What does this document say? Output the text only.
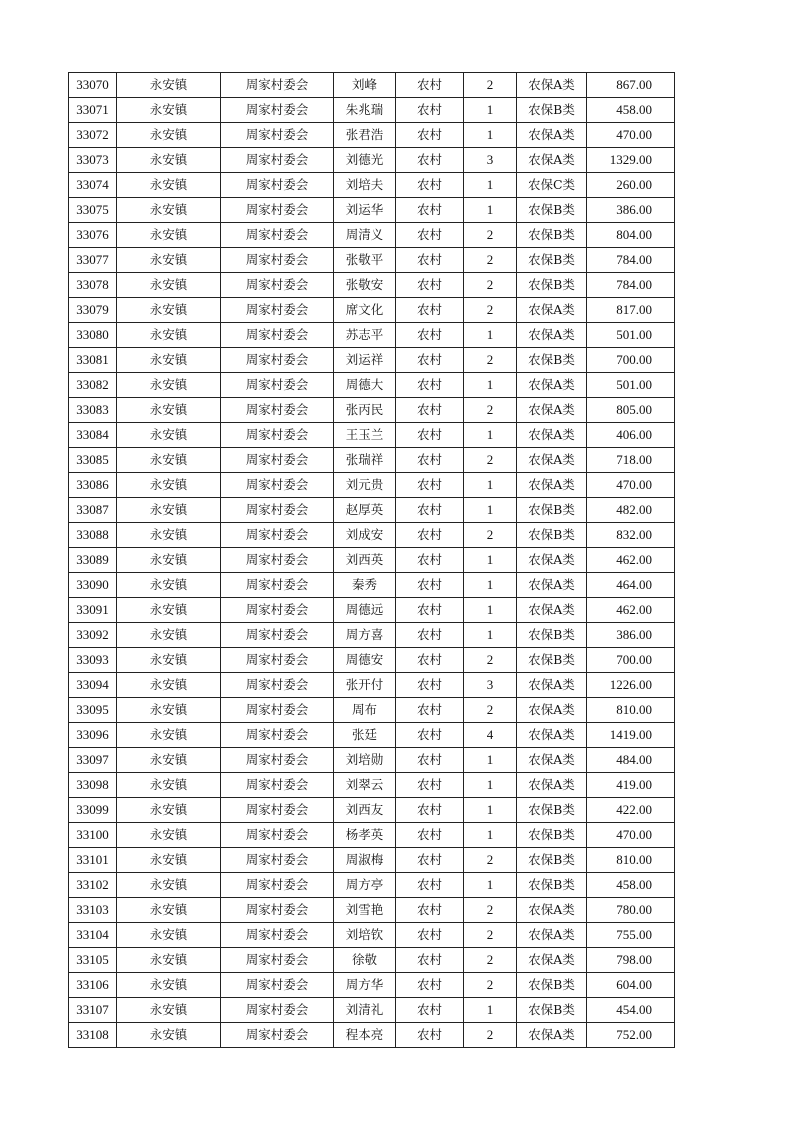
33070	永安镇	周家村委会	刘峰	农村	2	农保A类	867.00
33071	永安镇	周家村委会	朱兆瑞	农村	1	农保B类	458.00
33072	永安镇	周家村委会	张君浩	农村	1	农保A类	470.00
33073	永安镇	周家村委会	刘德光	农村	3	农保A类	1329.00
33074	永安镇	周家村委会	刘培夫	农村	1	农保C类	260.00
33075	永安镇	周家村委会	刘运华	农村	1	农保B类	386.00
33076	永安镇	周家村委会	周清义	农村	2	农保B类	804.00
33077	永安镇	周家村委会	张敬平	农村	2	农保B类	784.00
33078	永安镇	周家村委会	张敬安	农村	2	农保B类	784.00
33079	永安镇	周家村委会	席文化	农村	2	农保A类	817.00
33080	永安镇	周家村委会	苏志平	农村	1	农保A类	501.00
33081	永安镇	周家村委会	刘运祥	农村	2	农保B类	700.00
33082	永安镇	周家村委会	周德大	农村	1	农保A类	501.00
33083	永安镇	周家村委会	张丙民	农村	2	农保A类	805.00
33084	永安镇	周家村委会	王玉兰	农村	1	农保A类	406.00
33085	永安镇	周家村委会	张瑞祥	农村	2	农保A类	718.00
33086	永安镇	周家村委会	刘元贵	农村	1	农保A类	470.00
33087	永安镇	周家村委会	赵厚英	农村	1	农保B类	482.00
33088	永安镇	周家村委会	刘成安	农村	2	农保B类	832.00
33089	永安镇	周家村委会	刘西英	农村	1	农保A类	462.00
33090	永安镇	周家村委会	秦秀	农村	1	农保A类	464.00
33091	永安镇	周家村委会	周德远	农村	1	农保A类	462.00
33092	永安镇	周家村委会	周方喜	农村	1	农保B类	386.00
33093	永安镇	周家村委会	周德安	农村	2	农保B类	700.00
33094	永安镇	周家村委会	张开付	农村	3	农保A类	1226.00
33095	永安镇	周家村委会	周布	农村	2	农保A类	810.00
33096	永安镇	周家村委会	张廷	农村	4	农保A类	1419.00
33097	永安镇	周家村委会	刘培勋	农村	1	农保A类	484.00
33098	永安镇	周家村委会	刘翠云	农村	1	农保A类	419.00
33099	永安镇	周家村委会	刘西友	农村	1	农保B类	422.00
33100	永安镇	周家村委会	杨孝英	农村	1	农保B类	470.00
33101	永安镇	周家村委会	周淑梅	农村	2	农保B类	810.00
33102	永安镇	周家村委会	周方亭	农村	1	农保B类	458.00
33103	永安镇	周家村委会	刘雪艳	农村	2	农保A类	780.00
33104	永安镇	周家村委会	刘培钦	农村	2	农保A类	755.00
33105	永安镇	周家村委会	徐敬	农村	2	农保A类	798.00
33106	永安镇	周家村委会	周方华	农村	2	农保B类	604.00
33107	永安镇	周家村委会	刘清礼	农村	1	农保B类	454.00
33108	永安镇	周家村委会	程本亮	农村	2	农保A类	752.00
